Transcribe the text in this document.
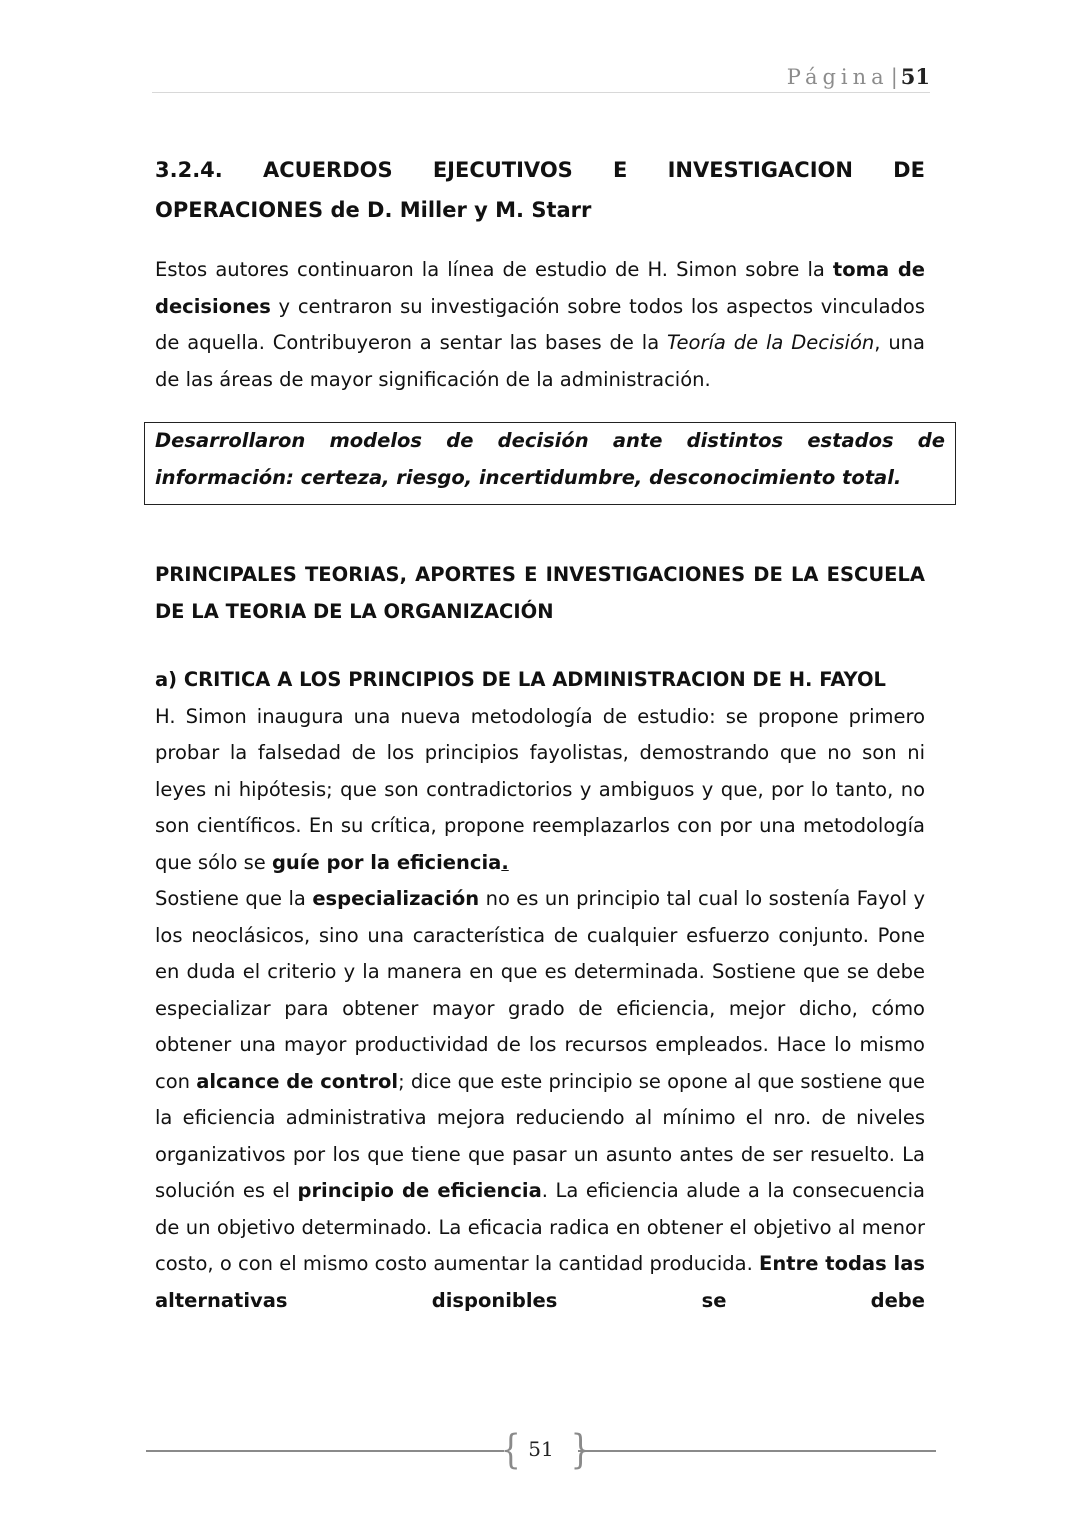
Página| 51
3.2.4. ACUERDOS EJECUTIVOS E INVESTIGACION DE
OPERACIONES de D. Miller y M. Starr

Estos autores continuaron la línea de estudio de H. Simon sobre la toma de decisiones y centraron su investigación sobre todos los aspectos vinculados de aquella. Contribuyeron a sentar las bases de la Teoría de la Decisión, una de las áreas de mayor significación de la administración.

Desarrollaron modelos de decisión ante distintos estados de información: certeza, riesgo, incertidumbre, desconocimiento total.
PRINCIPALES TEORIAS, APORTES E INVESTIGACIONES DE LA ESCUELA DE LA TEORIA DE LA ORGANIZACIÓN
a) CRITICA A LOS PRINCIPIOS DE LA ADMINISTRACION DE H. FAYOL

H. Simon inaugura una nueva metodología de estudio: se propone primero probar la falsedad de los principios fayolistas, demostrando que no son ni leyes ni hipótesis; que son contradictorios y ambiguos y que, por lo tanto, no son científicos. En su crítica, propone reemplazarlos con por una metodología que sólo se guíe por la eficiencia.

Sostiene que la especialización no es un principio tal cual lo sostenía Fayol y los neoclásicos, sino una característica de cualquier esfuerzo conjunto. Pone en duda el criterio y la manera en que es determinada. Sostiene que se debe especializar para obtener mayor grado de eficiencia, mejor dicho, cómo obtener una mayor productividad de los recursos empleados. Hace lo mismo con alcance de control; dice que este principio se opone al que sostiene que la eficiencia administrativa mejora reduciendo al mínimo el nro. de niveles organizativos por los que tiene que pasar un asunto antes de ser resuelto. La solución es el principio de eficiencia. La eficiencia alude a la consecuencia de un objetivo determinado. La eficacia radica en obtener el objetivo al menor costo, o con el mismo costo aumentar la cantidad producida. Entre todas las alternativas disponibles se debe

{ 51 }
